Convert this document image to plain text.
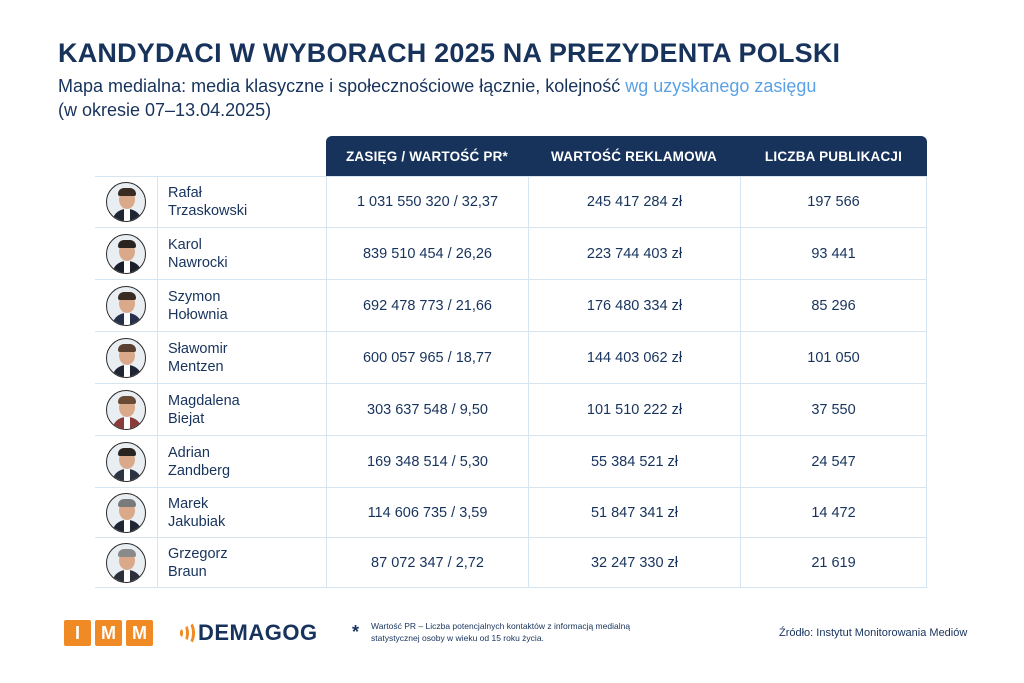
KANDYDACI W WYBORACH 2025 NA PREZYDENTA POLSKI
Mapa medialna: media klasyczne i społecznościowe łącznie, kolejność wg uzyskanego zasięgu
(w okresie 07–13.04.2025)
ZASIĘG / WARTOŚĆ PR*	WARTOŚĆ REKLAMOWA	LICZBA PUBLIKACJI
Rafał
Trzaskowski
1 031 550 320 / 32,37	245 417 284 zł	197 566
Karol
Nawrocki
839 510 454 / 26,26	223 744 403 zł	93 441
Szymon
Hołownia
692 478 773 / 21,66	176 480 334 zł	85 296
Sławomir
Mentzen
600 057 965 / 18,77	144 403 062 zł	101 050
Magdalena
Biejat
303 637 548 / 9,50	101 510 222 zł	37 550
Adrian
Zandberg
169 348 514 / 5,30	55 384 521 zł	24 547
Marek
Jakubiak
114 606 735 / 3,59	51 847 341 zł	14 472
Grzegorz
Braun
87 072 347 / 2,72	32 247 330 zł	21 619
I	M M DEMAGOG * Wartość PR – Liczba potencjalnych kontaktów z informacją medialną statystycznej osoby w wieku od 15 roku życia.	Źródło: Instytut Monitorowania Mediów
